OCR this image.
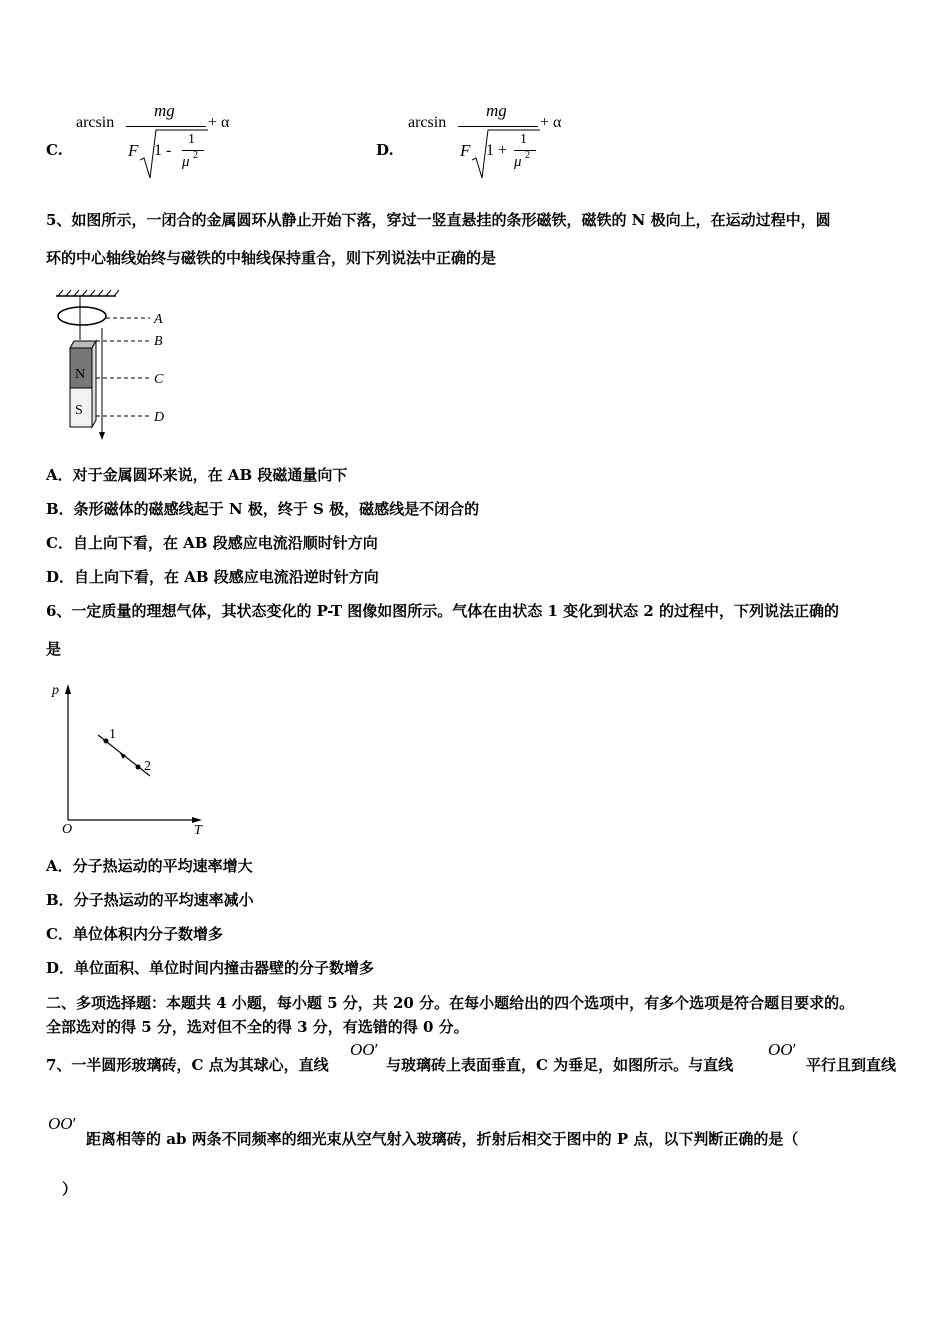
C.
arcsin
mg
F 1 -
1
μ 2
+ α
D.
arcsin
mg
F 1 +
1
μ 2
+ α
5、如图所示，一闭合的金属圆环从静止开始下落，穿过一竖直悬挂的条形磁铁，磁铁的 N 极向上，在运动过程中，圆
环的中心轴线始终与磁铁的中轴线保持重合，则下列说法中正确的是
N
S
A
B
C
D
A．对于金属圆环来说，在 AB 段磁通量向下
B．条形磁体的磁感线起于 N 极，终于 S 极，磁感线是不闭合的
C．自上向下看，在 AB 段感应电流沿顺时针方向
D．自上向下看，在 AB 段感应电流沿逆时针方向
6、一定质量的理想气体，其状态变化的 P-T 图像如图所示。气体在由状态 1 变化到状态 2 的过程中，下列说法正确的
是
p
T
O
1
2
A．分子热运动的平均速率增大
B．分子热运动的平均速率减小
C．单位体积内分子数增多
D．单位面积、单位时间内撞击器壁的分子数增多
二、多项选择题：本题共 4 小题，每小题 5 分，共 20 分。在每小题给出的四个选项中，有多个选项是符合题目要求的。
全部选对的得 5 分，选对但不全的得 3 分，有选错的得 0 分。
7、一半圆形玻璃砖，C 点为其球心，直线
OO′
与玻璃砖上表面垂直，C 为垂足，如图所示。与直线
OO′
平行且到直线
OO′
距离相等的 ab 两条不同频率的细光束从空气射入玻璃砖，折射后相交于图中的 P 点，以下判断正确的是（
）
